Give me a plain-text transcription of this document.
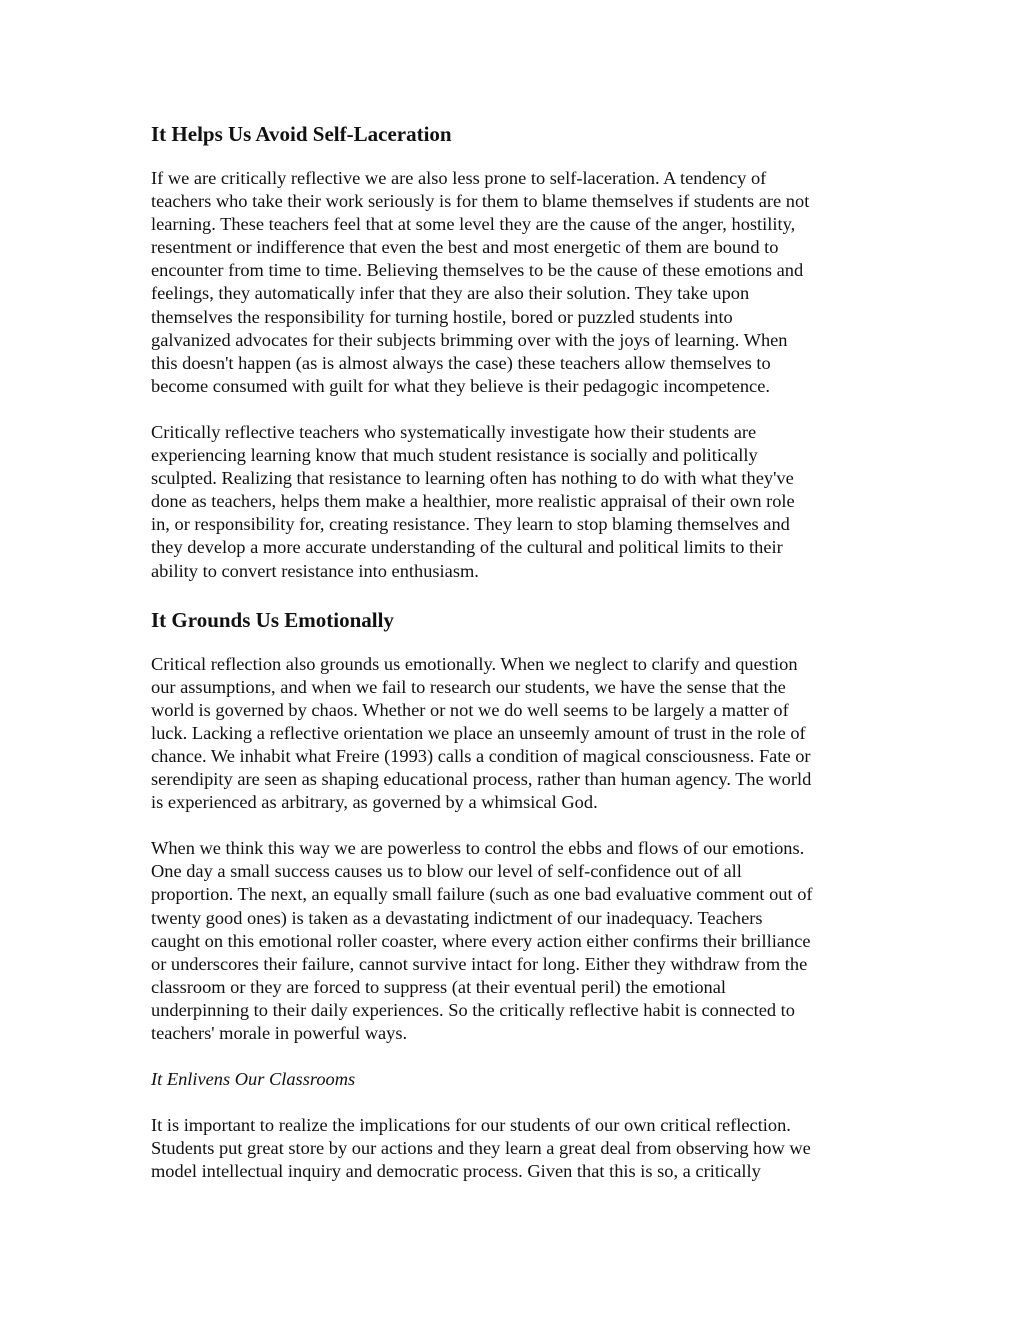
It Helps Us Avoid Self-Laceration

If we are critically reflective we are also less prone to self-laceration. A tendency of
teachers who take their work seriously is for them to blame themselves if students are not
learning. These teachers feel that at some level they are the cause of the anger, hostility,
resentment or indifference that even the best and most energetic of them are bound to
encounter from time to time. Believing themselves to be the cause of these emotions and
feelings, they automatically infer that they are also their solution. They take upon
themselves the responsibility for turning hostile, bored or puzzled students into
galvanized advocates for their subjects brimming over with the joys of learning. When
this doesn't happen (as is almost always the case) these teachers allow themselves to
become consumed with guilt for what they believe is their pedagogic incompetence.

Critically reflective teachers who systematically investigate how their students are
experiencing learning know that much student resistance is socially and politically
sculpted. Realizing that resistance to learning often has nothing to do with what they've
done as teachers, helps them make a healthier, more realistic appraisal of their own role
in, or responsibility for, creating resistance. They learn to stop blaming themselves and
they develop a more accurate understanding of the cultural and political limits to their
ability to convert resistance into enthusiasm.

It Grounds Us Emotionally

Critical reflection also grounds us emotionally. When we neglect to clarify and question
our assumptions, and when we fail to research our students, we have the sense that the
world is governed by chaos. Whether or not we do well seems to be largely a matter of
luck. Lacking a reflective orientation we place an unseemly amount of trust in the role of
chance. We inhabit what Freire (1993) calls a condition of magical consciousness. Fate or
serendipity are seen as shaping educational process, rather than human agency. The world
is experienced as arbitrary, as governed by a whimsical God.

When we think this way we are powerless to control the ebbs and flows of our emotions.
One day a small success causes us to blow our level of self-confidence out of all
proportion. The next, an equally small failure (such as one bad evaluative comment out of
twenty good ones) is taken as a devastating indictment of our inadequacy. Teachers
caught on this emotional roller coaster, where every action either confirms their brilliance
or underscores their failure, cannot survive intact for long. Either they withdraw from the
classroom or they are forced to suppress (at their eventual peril) the emotional
underpinning to their daily experiences. So the critically reflective habit is connected to
teachers' morale in powerful ways.

It Enlivens Our Classrooms

It is important to realize the implications for our students of our own critical reflection.
Students put great store by our actions and they learn a great deal from observing how we
model intellectual inquiry and democratic process. Given that this is so, a critically
